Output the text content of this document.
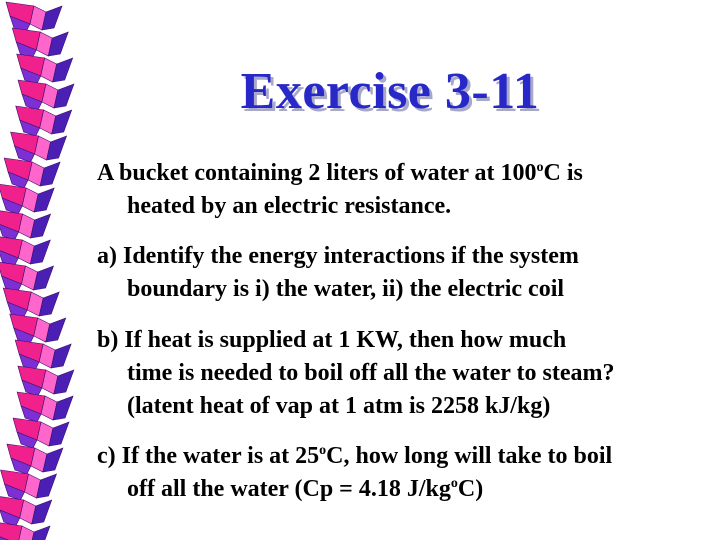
Exercise 3-11
A bucket containing 2 liters of water at 100$^o$C is
heated by an electric resistance.
a) Identify the energy interactions if the system
boundary is i) the water, ii) the electric coil
b) If heat is supplied at 1 KW, then how much
time is needed to boil off all the water to steam?
(latent heat of vap at 1 atm is 2258 kJ/kg)
c) If the water is at 25$^o$C, how long will take to boil
off all the water (Cp = 4.18 $J/kg^oC$)
